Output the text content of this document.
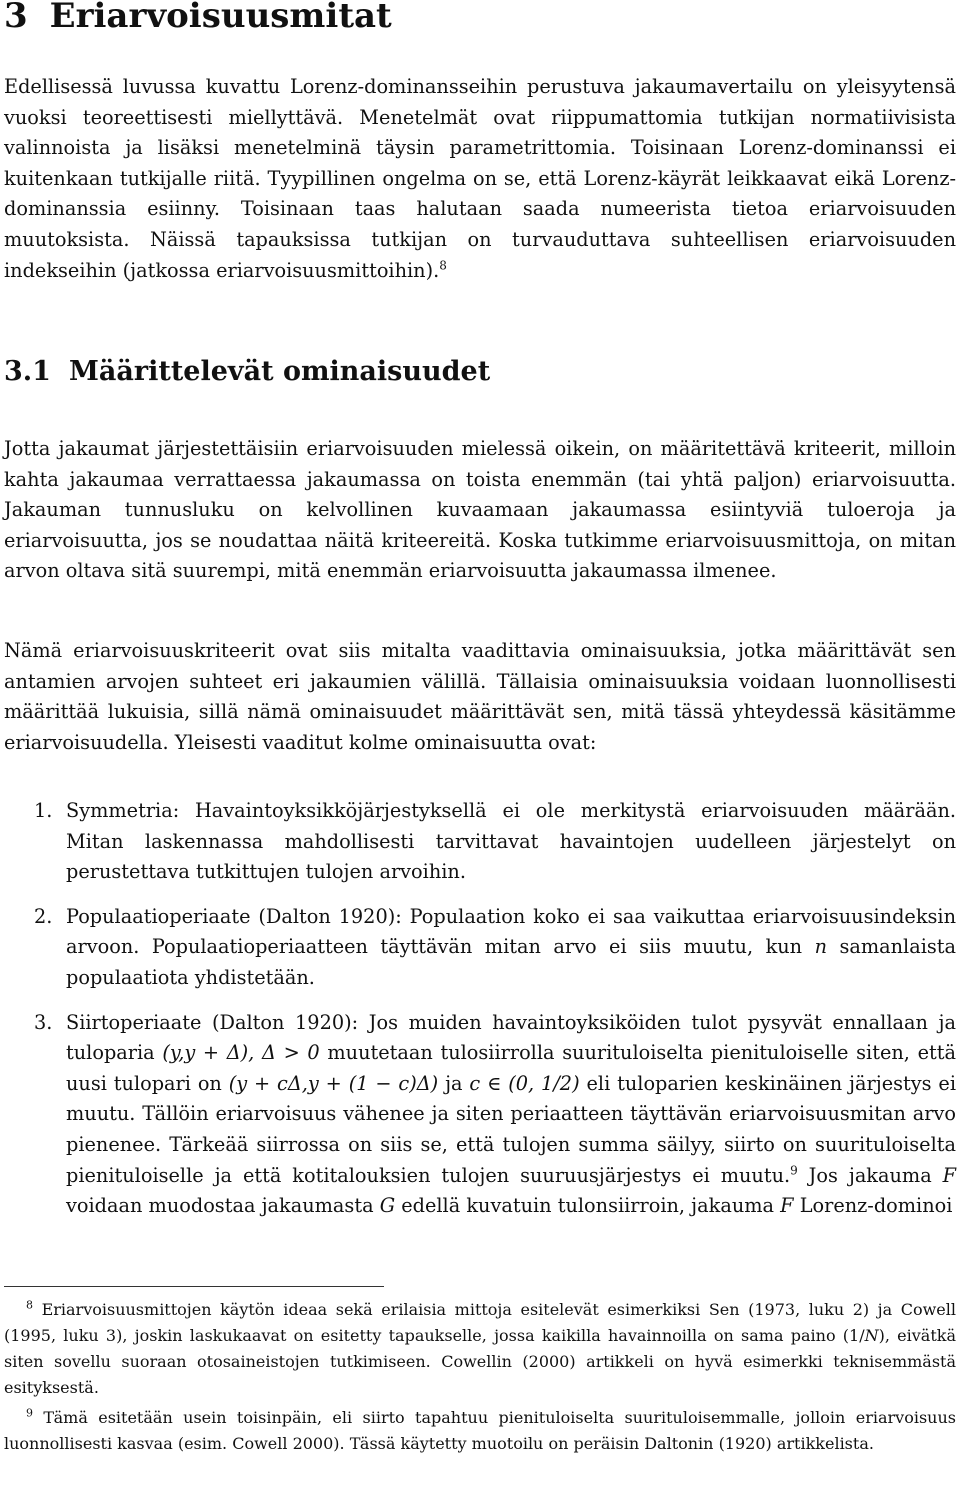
3 Eriarvoisuusmitat

Edellisessä luvussa kuvattu Lorenz-dominansseihin perustuva jakaumavertailu on yleisyytensä vuoksi teoreettisesti miellyttävä. Menetelmät ovat riippumattomia tutkijan normatiivisista valinnoista ja lisäksi menetelminä täysin parametrittomia. Toisinaan Lorenz-dominanssi ei kuitenkaan tutkijalle riitä. Tyypillinen ongelma on se, että Lorenz-käyrät leikkaavat eikä Lorenz-dominanssia esiinny. Toisinaan taas halutaan saada numeerista tietoa eriarvoisuuden muutoksista. Näissä tapauksissa tutkijan on turvauduttava suhteellisen eriarvoisuuden indekseihin (jatkossa eriarvoisuusmittoihin).$^8$

3.1 Määrittelevät ominaisuudet

Jotta jakaumat järjestettäisiin eriarvoisuuden mielessä oikein, on määritettävä kriteerit, milloin kahta jakaumaa verrattaessa jakaumassa on toista enemmän (tai yhtä paljon) eriarvoisuutta. Jakauman tunnusluku on kelvollinen kuvaamaan jakaumassa esiintyviä tuloeroja ja eriarvoisuutta, jos se noudattaa näitä kriteereitä. Koska tutkimme eriarvoisuusmittoja, on mitan arvon oltava sitä suurempi, mitä enemmän eriarvoisuutta jakaumassa ilmenee.

Nämä eriarvoisuuskriteerit ovat siis mitalta vaadittavia ominaisuuksia, jotka määrittävät sen antamien arvojen suhteet eri jakaumien välillä. Tällaisia ominaisuuksia voidaan luonnollisesti määrittää lukuisia, sillä nämä ominaisuudet määrittävät sen, mitä tässä yhteydessä käsitämme eriarvoisuudella. Yleisesti vaaditut kolme ominaisuutta ovat:

1. Symmetria: Havaintoyksikköjärjestyksellä ei ole merkitystä eriarvoisuuden määrään. Mitan laskennassa mahdollisesti tarvittavat havaintojen uudelleen järjestelyt on perustettava tutkittujen tulojen arvoihin.

2. Populaatioperiaate (Dalton 1920): Populaation koko ei saa vaikuttaa eriarvoisuusindeksin arvoon. Populaatioperiaatteen täyttävän mitan arvo ei siis muutu, kun n samanlaista populaatiota yhdistetään.

3. Siirtoperiaate (Dalton 1920): Jos muiden havaintoyksiköiden tulot pysyvät ennallaan ja tuloparia (y,y + Δ), Δ > 0 muutetaan tulosiirrolla suurituloiselta pienituloiselle siten, että uusi tulopari on (y + cΔ,y + (1 − c)Δ) ja c ∈ (0, 1/2) eli tuloparien keskinäinen järjestys ei muutu. Tällöin eriarvoisuus vähenee ja siten periaatteen täyttävän eriarvoisuusmitan arvo pienenee. Tärkeää siirrossa on siis se, että tulojen summa säilyy, siirto on suurituloiselta pienituloiselle ja että kotitalouksien tulojen suuruusjärjestys ei muutu.$^9$ Jos jakauma F voidaan muodostaa jakaumasta G edellä kuvatuin tulonsiirroin, jakauma F Lorenz-dominoi

$^8$ Eriarvoisuusmittojen käytön ideaa sekä erilaisia mittoja esitelevät esimerkiksi Sen (1973, luku 2) ja Cowell (1995, luku 3), joskin laskukaavat on esitetty tapaukselle, jossa kaikilla havainnoilla on sama paino (1/N), eivätkä siten sovellu suoraan otosaineistojen tutkimiseen. Cowellin (2000) artikkeli on hyvä esimerkki teknisemmästä esityksestä.

$^9$ Tämä esitetään usein toisinpäin, eli siirto tapahtuu pienituloiselta suurituloisemmalle, jolloin eriarvoisuus luonnollisesti kasvaa (esim. Cowell 2000). Tässä käytetty muotoilu on peräisin Daltonin (1920) artikkelista.
